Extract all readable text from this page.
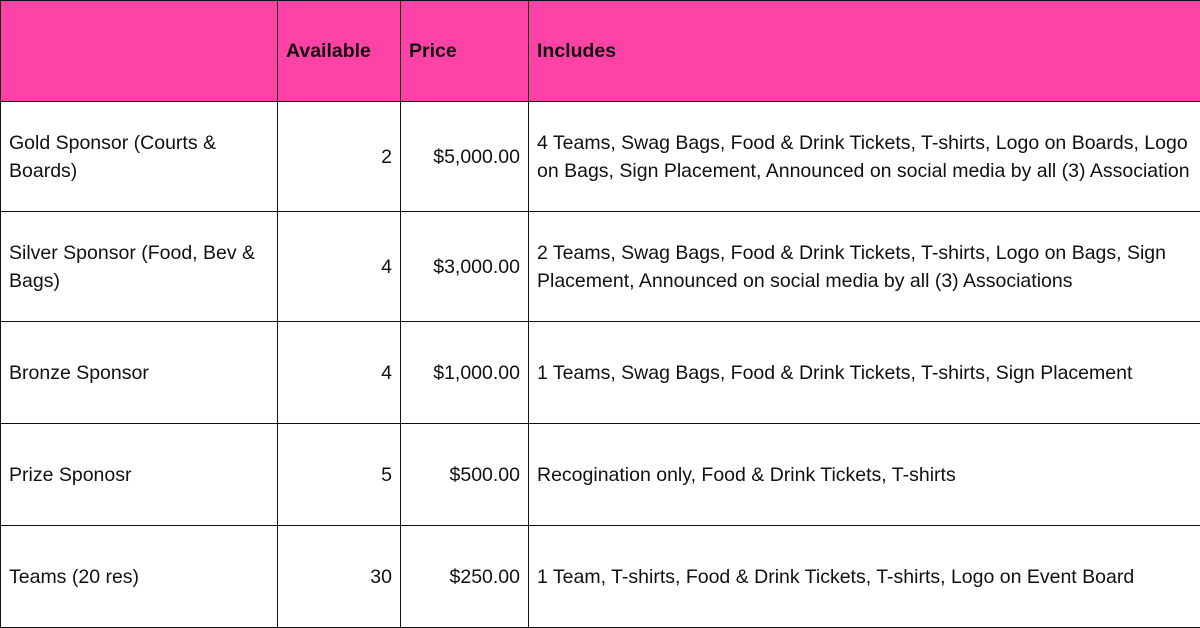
	Available	Price	Includes
Gold Sponsor (Courts & Boards)	2	$5,000.00	4 Teams, Swag Bags, Food & Drink Tickets, T-shirts, Logo on Boards, Logo on Bags, Sign Placement, Announced on social media by all (3) Association
Silver Sponsor (Food, Bev & Bags)	4	$3,000.00	2 Teams, Swag Bags, Food & Drink Tickets, T-shirts, Logo on Bags, Sign Placement, Announced on social media by all (3) Associations
Bronze Sponsor	4	$1,000.00	1 Teams, Swag Bags, Food & Drink Tickets, T-shirts, Sign Placement
Prize Sponosr	5	$500.00	Recogination only, Food & Drink Tickets, T-shirts
Teams (20 res)	30	$250.00	1 Team, T-shirts, Food & Drink Tickets, T-shirts, Logo on Event Board
